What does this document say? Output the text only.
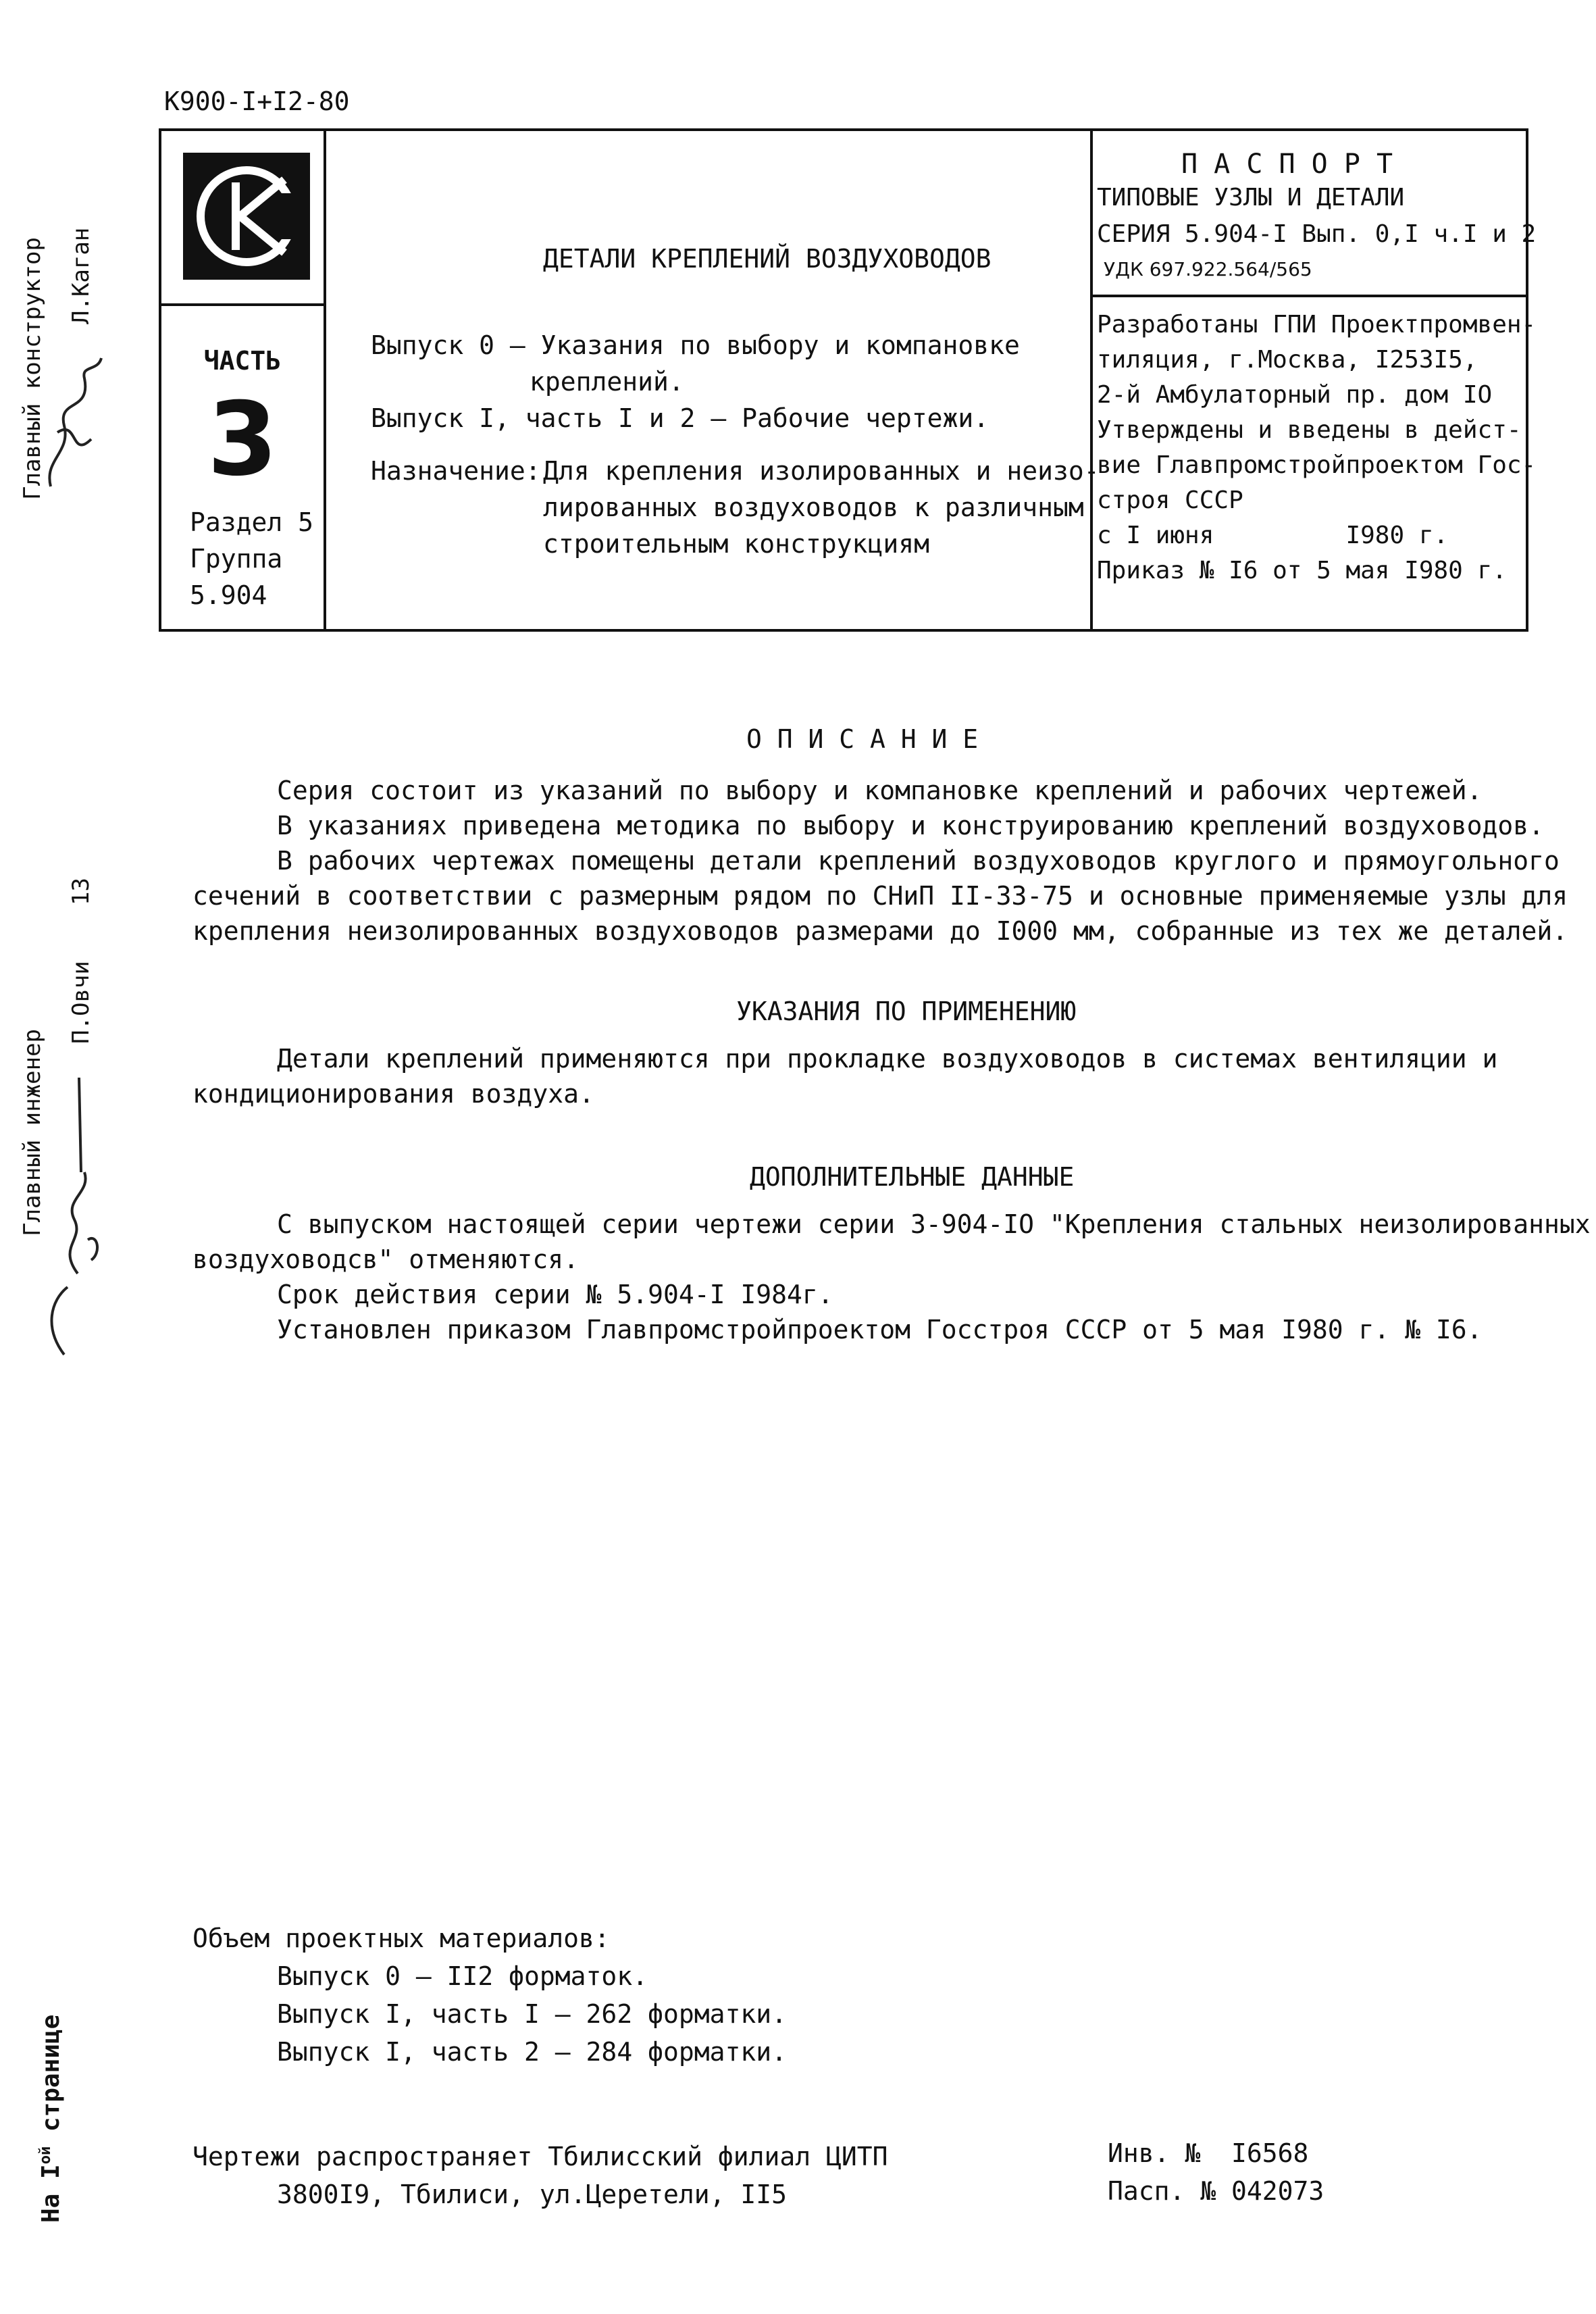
К900-I+I2-80
ЧАСТЬ
3
Раздел 5
Группа
5.904
ДЕТАЛИ КРЕПЛЕНИЙ ВОЗДУХОВОДОВ
Выпуск 0 – Указания по выбору и компановке
креплений.
Выпуск I, часть I и 2 – Рабочие чертежи.
Назначение: Для крепления изолированных и неизо-
лированных воздуховодов к различным
строительным конструкциям
П А С П О Р Т
ТИПОВЫЕ УЗЛЫ И ДЕТАЛИ
СЕРИЯ 5.904-I Вып. 0,I ч.I и 2
УДК 697.922.564/565
Разработаны ГПИ Проектпромвен-
тиляция, г.Москва, I253I5,
2-й Амбулаторный пр. дом IO
Утверждены и введены в дейст-
вие Главпромстройпроектом Гос-
строя СССР
с I июня         I980 г.
Приказ № I6 от 5 мая I980 г.
О П И С А Н И Е
Серия состоит из указаний по выбору и компановке креплений и рабочих чертежей.
В указаниях приведена методика по выбору и конструированию креплений воздуховодов.
В рабочих чертежах помещены детали креплений воздуховодов круглого и прямоугольного
сечений в соответствии с размерным рядом по СНиП II-33-75 и основные применяемые узлы для
крепления неизолированных воздуховодов размерами до I000 мм, собранные из тех же деталей.
УКАЗАНИЯ ПО ПРИМЕНЕНИЮ
Детали креплений применяются при прокладке воздуховодов в системах вентиляции и
кондиционирования воздуха.
ДОПОЛНИТЕЛЬНЫЕ ДАННЫЕ
С выпуском настоящей серии чертежи серии 3-904-IO "Крепления стальных неизолированных
воздуховодсв" отменяются.
Срок действия серии № 5.904-I I984г.
Установлен приказом Главпромстройпроектом Госстроя СССР от 5 мая I980 г. № I6.
Объем проектных материалов:
Выпуск 0 – II2 форматок.
Выпуск I, часть I – 262 форматки.
Выпуск I, часть 2 – 284 форматки.
Чертежи распространяет Тбилисский филиал ЦИТП
3800I9, Тбилиси, ул.Церетели, II5
Инв. №  I6568
Пасп. № 042073
Главный конструктор Л.Каган
Главный инженер
П.Овчи
13
На $I^{ой}$ странице
